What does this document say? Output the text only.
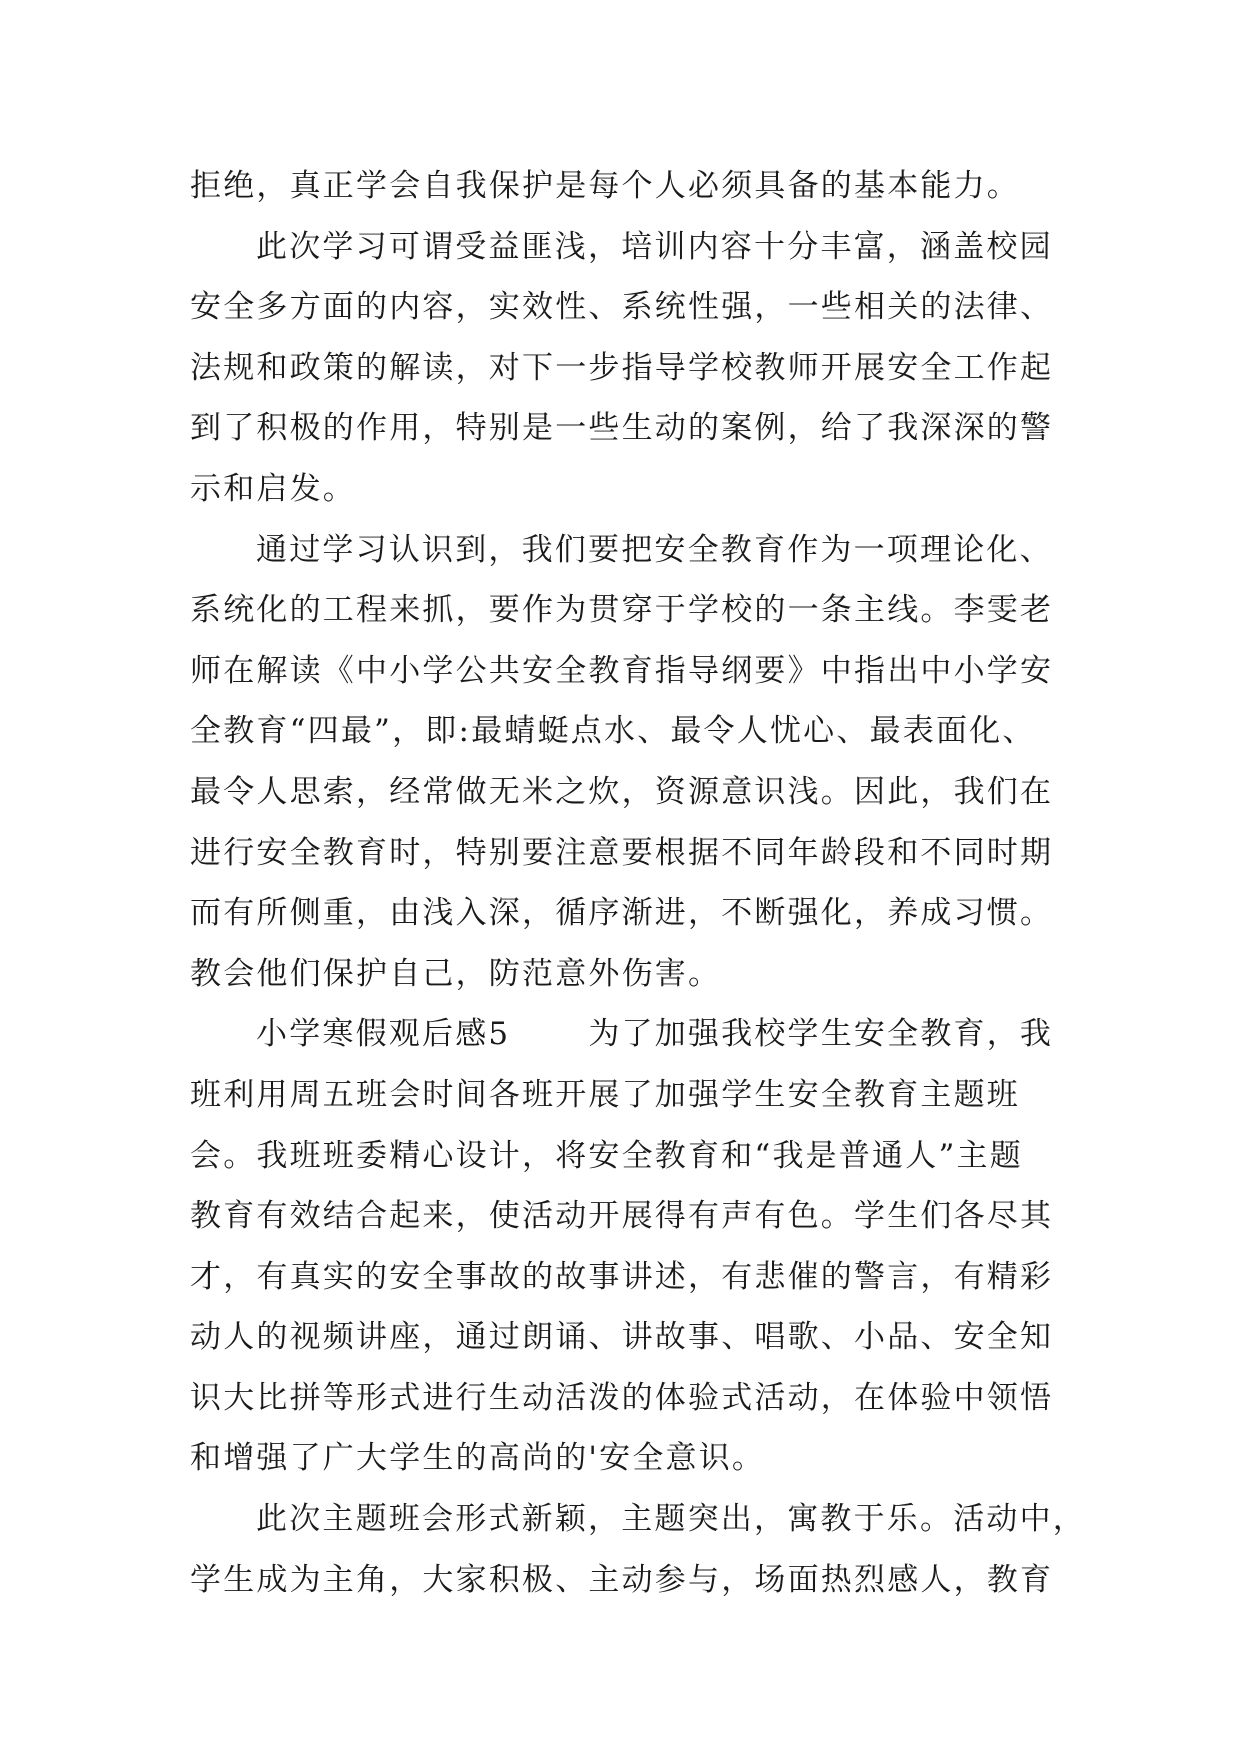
拒绝，真正学会自我保护是每个人必须具备的基本能力。
此次学习可谓受益匪浅，培训内容十分丰富，涵盖校园
安全多方面的内容，实效性、系统性强，一些相关的法律、
法规和政策的解读，对下一步指导学校教师开展安全工作起
到了积极的作用，特别是一些生动的案例，给了我深深的警
示和启发。
通过学习认识到，我们要把安全教育作为一项理论化、
系统化的工程来抓，要作为贯穿于学校的一条主线。李雯老
师在解读《中小学公共安全教育指导纲要》中指出中小学安
全教育“四最”，即:最蜻蜓点水、最令人忧心、最表面化、
最令人思索，经常做无米之炊，资源意识浅。因此，我们在
进行安全教育时，特别要注意要根据不同年龄段和不同时期
而有所侧重，由浅入深，循序渐进，不断强化，养成习惯。
教会他们保护自己，防范意外伤害。
小学寒假观后感5	为了加强我校学生安全教育，我
班利用周五班会时间各班开展了加强学生安全教育主题班
会。我班班委精心设计，将安全教育和“我是普通人”主题
教育有效结合起来，使活动开展得有声有色。学生们各尽其
才，有真实的安全事故的故事讲述，有悲催的警言，有精彩
动人的视频讲座，通过朗诵、讲故事、唱歌、小品、安全知
识大比拼等形式进行生动活泼的体验式活动，在体验中领悟
和增强了广大学生的高尚的'安全意识。
此次主题班会形式新颖，主题突出，寓教于乐。活动中，
学生成为主角，大家积极、主动参与，场面热烈感人，教育
